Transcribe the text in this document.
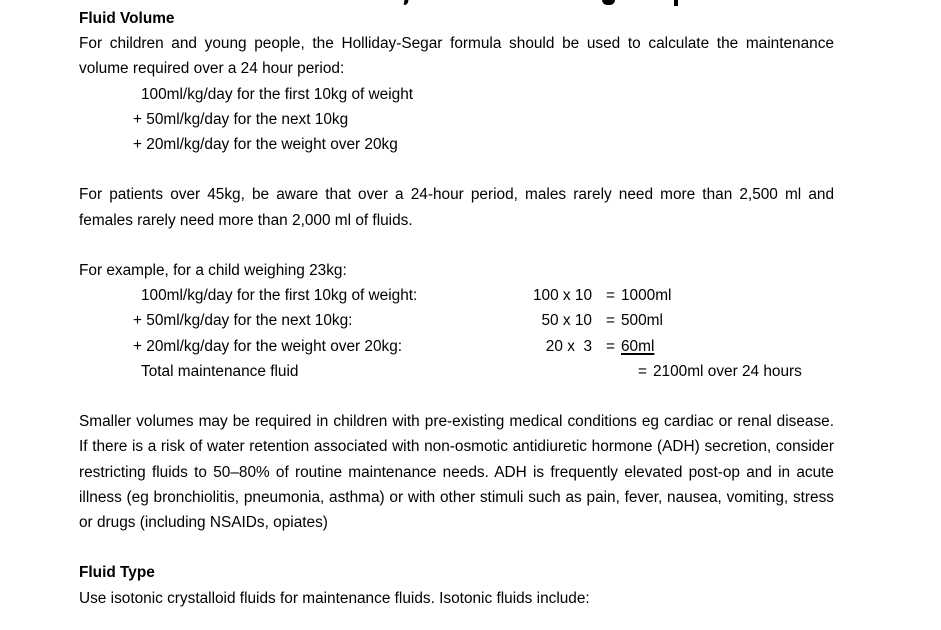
Fluid Volume

For children and young people, the Holliday-Segar formula should be used to calculate the maintenance volume required over a 24 hour period:

100ml/kg/day for the first 10kg of weight
+ 50ml/kg/day for the next 10kg
+ 20ml/kg/day for the weight over 20kg

For patients over 45kg, be aware that over a 24-hour period, males rarely need more than 2,500 ml and females rarely need more than 2,000 ml of fluids.

For example, for a child weighing 23kg:

100ml/kg/day for the first 10kg of weight:	100 x 10 = 1000ml
+ 50ml/kg/day for the next 10kg:	50 x 10 = 500ml
+ 20ml/kg/day for the weight over 20kg:	20 x  3 = 60ml
Total maintenance fluid	= 2100ml over 24 hours

Smaller volumes may be required in children with pre-existing medical conditions eg cardiac or renal disease. If there is a risk of water retention associated with non-osmotic antidiuretic hormone (ADH) secretion, consider restricting fluids to 50–80% of routine maintenance needs. ADH is frequently elevated post-op and in acute illness (eg bronchiolitis, pneumonia, asthma) or with other stimuli such as pain, fever, nausea, vomiting, stress or drugs (including NSAIDs, opiates)

Fluid Type

Use isotonic crystalloid fluids for maintenance fluids. Isotonic fluids include:
